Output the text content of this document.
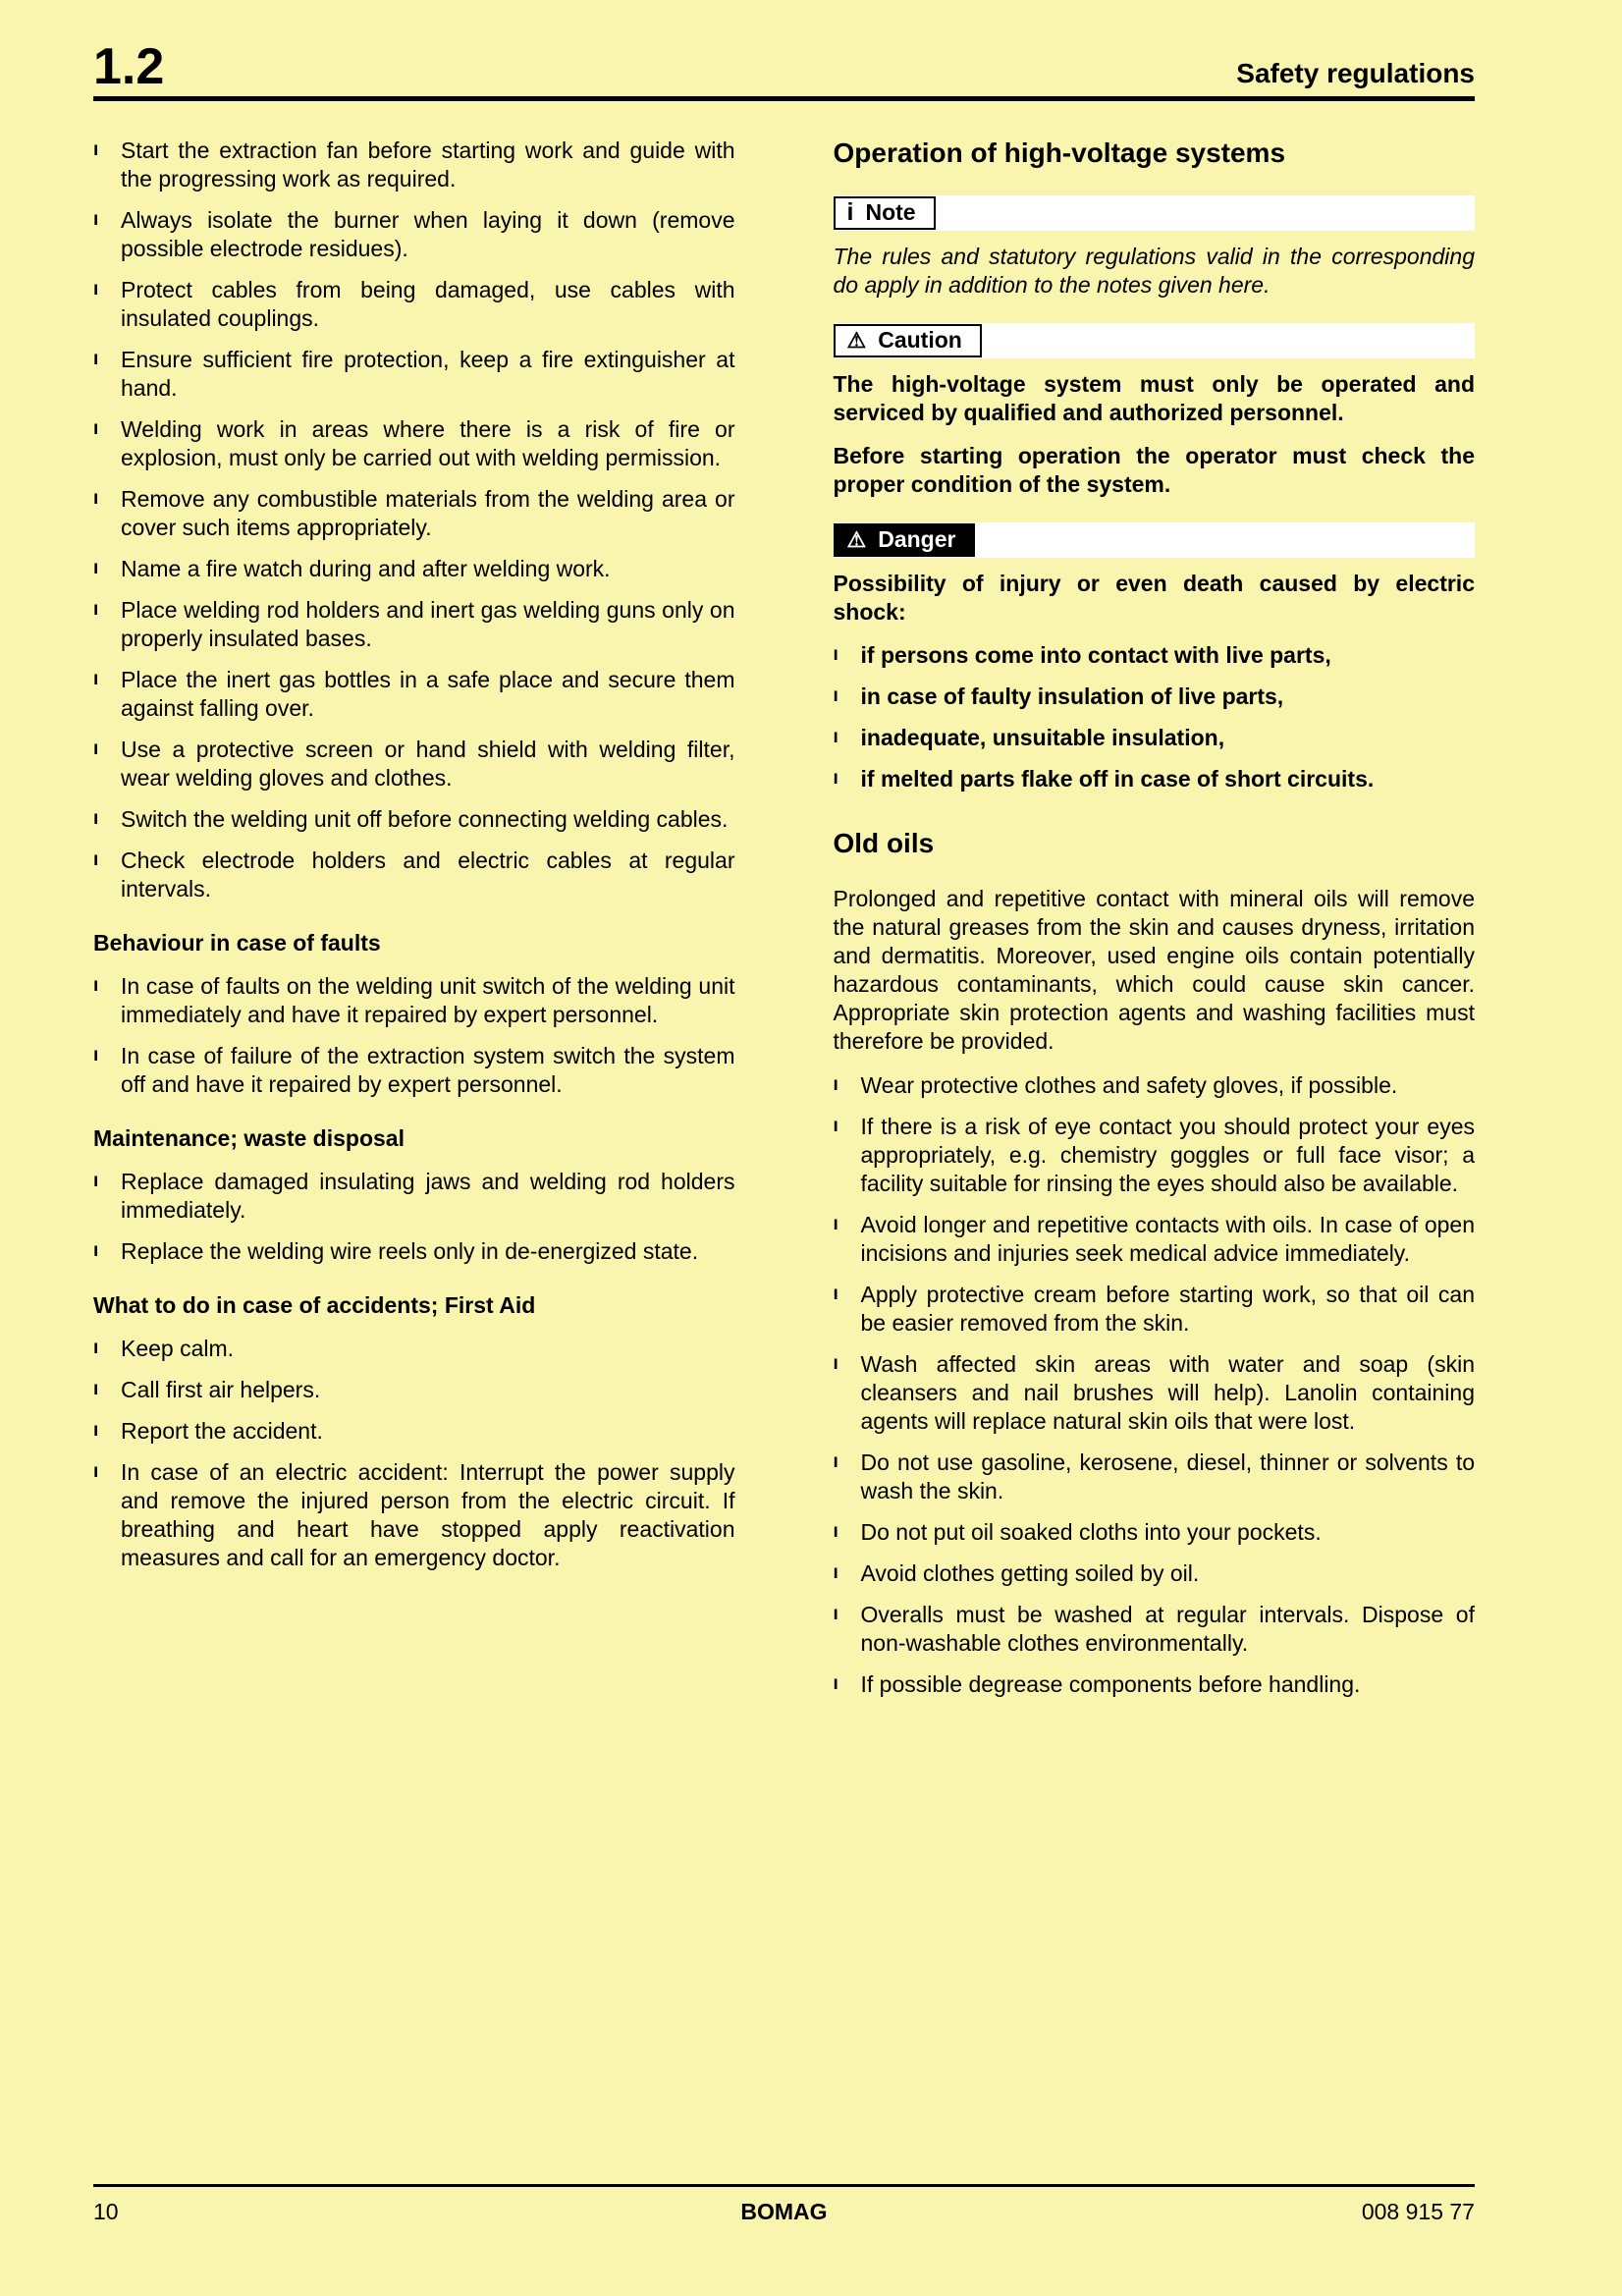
1.2	Safety regulations
ı Start the extraction fan before starting work and guide with the progressing work as required.
ı Always isolate the burner when laying it down (remove possible electrode residues).
ı Protect cables from being damaged, use cables with insulated couplings.
ı Ensure sufficient fire protection, keep a fire extinguisher at hand.
ı Welding work in areas where there is a risk of fire or explosion, must only be carried out with welding permission.
ı Remove any combustible materials from the welding area or cover such items appropriately.
ı Name a fire watch during and after welding work.
ı Place welding rod holders and inert gas welding guns only on properly insulated bases.
ı Place the inert gas bottles in a safe place and secure them against falling over.
ı Use a protective screen or hand shield with welding filter, wear welding gloves and clothes.
ı Switch the welding unit off before connecting welding cables.
ı Check electrode holders and electric cables at regular intervals.
Behaviour in case of faults
ı In case of faults on the welding unit switch of the welding unit immediately and have it repaired by expert personnel.
ı In case of failure of the extraction system switch the system off and have it repaired by expert personnel.
Maintenance; waste disposal
ı Replace damaged insulating jaws and welding rod holders immediately.
ı Replace the welding wire reels only in de-energized state.
What to do in case of accidents; First Aid
ı Keep calm.
ı Call first air helpers.
ı Report the accident.
ı In case of an electric accident: Interrupt the power supply and remove the injured person from the electric circuit. If breathing and heart have stopped apply reactivation measures and call for an emergency doctor.
Operation of high-voltage systems
i Note

The rules and statutory regulations valid in the corresponding do apply in addition to the notes given here.

⚠ Caution

The high-voltage system must only be operated and serviced by qualified and authorized personnel.

Before starting operation the operator must check the proper condition of the system.

⚠ Danger

Possibility of injury or even death caused by electric shock:

ı if persons come into contact with live parts,
ı in case of faulty insulation of live parts,
ı inadequate, unsuitable insulation,
ı if melted parts flake off in case of short circuits.
Old oils

Prolonged and repetitive contact with mineral oils will remove the natural greases from the skin and causes dryness, irritation and dermatitis. Moreover, used engine oils contain potentially hazardous contaminants, which could cause skin cancer. Appropriate skin protection agents and washing facilities must therefore be provided.

ı Wear protective clothes and safety gloves, if possible.
ı If there is a risk of eye contact you should protect your eyes appropriately, e.g. chemistry goggles or full face visor; a facility suitable for rinsing the eyes should also be available.
ı Avoid longer and repetitive contacts with oils. In case of open incisions and injuries seek medical advice immediately.
ı Apply protective cream before starting work, so that oil can be easier removed from the skin.
ı Wash affected skin areas with water and soap (skin cleansers and nail brushes will help). Lanolin containing agents will replace natural skin oils that were lost.
ı Do not use gasoline, kerosene, diesel, thinner or solvents to wash the skin.
ı Do not put oil soaked cloths into your pockets.
ı Avoid clothes getting soiled by oil.
ı Overalls must be washed at regular intervals. Dispose of non-washable clothes environmentally.
ı If possible degrease components before handling.
10	BOMAG	008 915 77
